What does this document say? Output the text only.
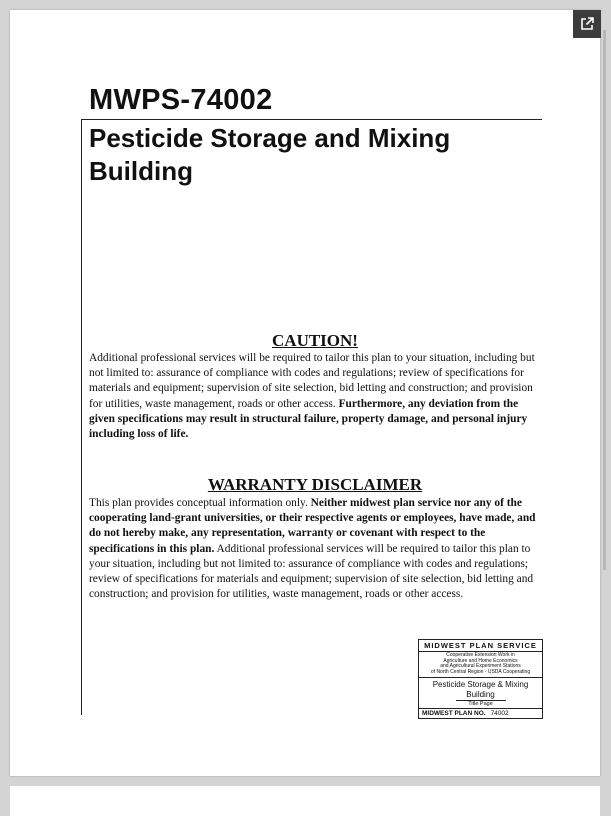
MWPS-74002
Pesticide Storage and Mixing
Building
CAUTION!
Additional professional services will be required to tailor this plan to your situation, including but not limited to: assurance of compliance with codes and regulations; review of specifications for materials and equipment; supervision of site selection, bid letting and construction; and provision for utilities, waste management, roads or other access. Furthermore, any deviation from the given specifications may result in structural failure, property damage, and personal injury including loss of life.
WARRANTY DISCLAIMER
This plan provides conceptual information only. Neither midwest plan service nor any of the cooperating land-grant universities, or their respective agents or employees, have made, and do not hereby make, any representation, warranty or covenant with respect to the specifications in this plan. Additional professional services will be required to tailor this plan to your situation, including but not limited to: assurance of compliance with codes and regulations; review of specifications for materials and equipment; supervision of site selection, bid letting and construction; and provision for utilities, waste management, roads or other access.
MIDWEST PLAN SERVICE
Cooperative Extension Work in
Agriculture and Home Economics
and Agricultural Experiment Stations
of North Central Region - USDA Cooperating
Pesticide Storage & Mixing Building
Title Page
MIDWEST PLAN NO. 74002
